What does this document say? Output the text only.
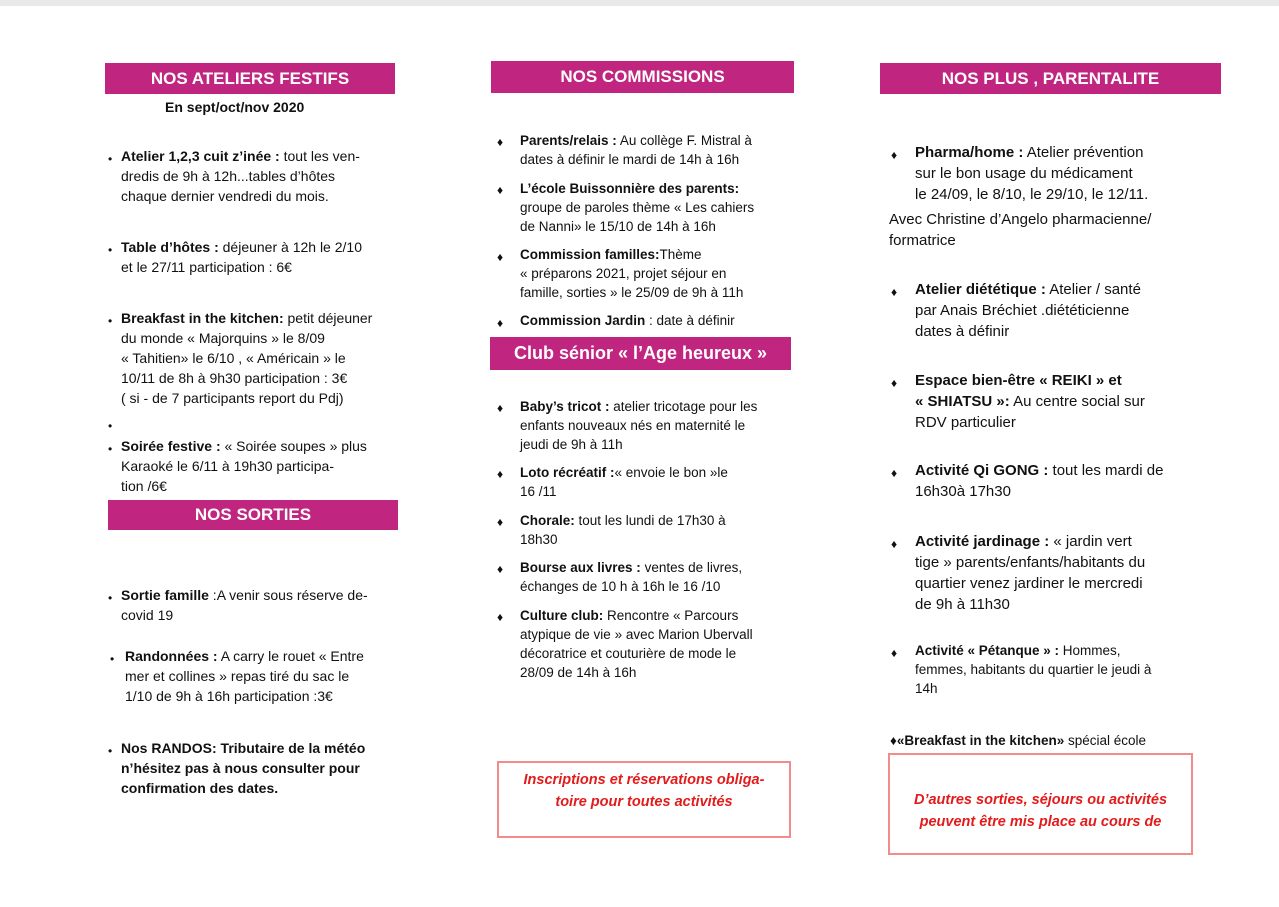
NOS ATELIERS FESTIFS
En sept/oct/nov 2020
• Atelier 1,2,3 cuit z’inée : tout les ven-
dredis de 9h à 12h...tables d’hôtes
chaque dernier vendredi du mois.
• Table d’hôtes : déjeuner à 12h le 2/10
et le 27/11 participation : 6€
• Breakfast in the kitchen: petit déjeuner
du monde « Majorquins » le 8/09
« Tahitien» le 6/10 , « Américain » le
10/11 de 8h à 9h30 participation : 3€
( si - de 7 participants report du Pdj)
•
• Soirée festive : « Soirée soupes » plus
Karaoké le 6/11 à 19h30 participa-
tion /6€
NOS SORTIES
• Sortie famille :A venir sous réserve de-
covid 19
• Randonnées : A carry le rouet « Entre
mer et collines » repas tiré du sac le
1/10 de 9h à 16h participation :3€
• Nos RANDOS: Tributaire de la météo
n’hésitez pas à nous consulter pour
confirmation des dates.
NOS COMMISSIONS
♦ Parents/relais : Au collège F. Mistral à
dates à définir le mardi de 14h à 16h
♦ L’école Buissonnière des parents:
groupe de paroles thème « Les cahiers
de Nanni» le 15/10 de 14h à 16h
♦ Commission familles:Thème
« préparons 2021, projet séjour en
famille, sorties » le 25/09 de 9h à 11h
♦ Commission Jardin : date à définir
Club sénior « l’Age heureux »
♦ Baby’s tricot : atelier tricotage pour les
enfants nouveaux nés en maternité le
jeudi de 9h à 11h
♦ Loto récréatif :« envoie le bon »le
16 /11
♦ Chorale: tout les lundi de 17h30 à
18h30
♦ Bourse aux livres : ventes de livres,
échanges de 10 h à 16h le 16 /10
♦ Culture club: Rencontre « Parcours
atypique de vie » avec Marion Ubervall
décoratrice et couturière de mode le
28/09 de 14h à 16h
Inscriptions et réservations obliga-
toire pour toutes activités
NOS PLUS , PARENTALITE
♦ Pharma/home : Atelier prévention
sur le bon usage du médicament
le 24/09, le 8/10, le 29/10, le 12/11.
Avec Christine d’Angelo pharmacienne/
formatrice
♦ Atelier diététique : Atelier / santé
par Anais Bréchiet .diététicienne
dates à définir
♦ Espace bien-être « REIKI » et
« SHIATSU »: Au centre social sur
RDV particulier
♦ Activité Qi GONG : tout les mardi de
16h30à 17h30
♦ Activité jardinage : « jardin vert
tige » parents/enfants/habitants du
quartier venez jardiner le mercredi
de 9h à 11h30
♦ Activité « Pétanque » : Hommes,
femmes, habitants du quartier le jeudi à
14h
♦«Breakfast in the kitchen» spécial école
D’autres sorties, séjours ou activités
peuvent être mis place au cours de
